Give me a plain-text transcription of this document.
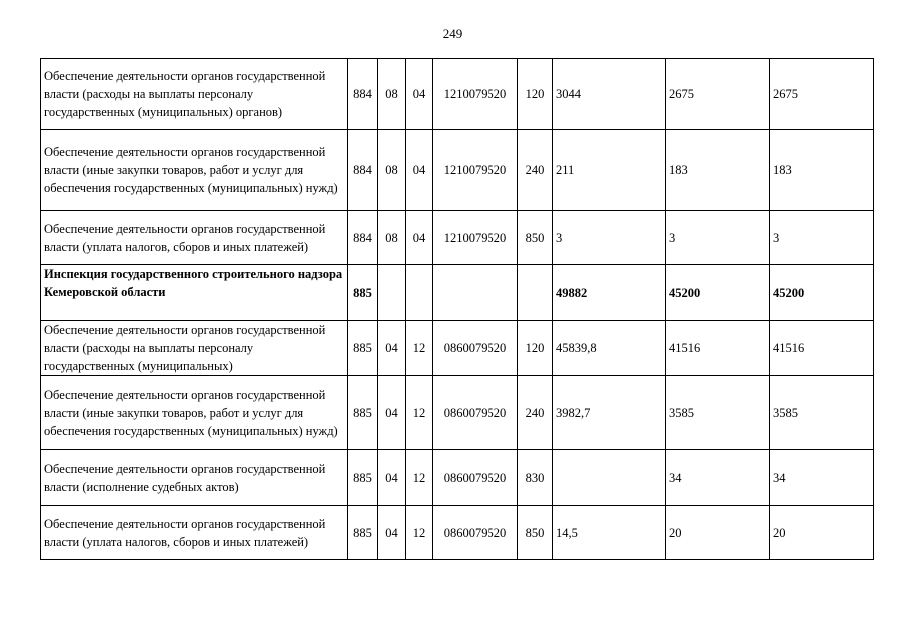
249
Обеспечение деятельности органов государственной власти (расходы на выплаты персоналу государственных (муниципальных) органов)	884	08	04	1210079520	120	3044	2675	2675
Обеспечение деятельности органов государственной власти (иные закупки товаров, работ и услуг для обеспечения государственных (муниципальных) нужд)	884	08	04	1210079520	240	211	183	183
Обеспечение деятельности органов государственной власти (уплата налогов, сборов и иных платежей)	884	08	04	1210079520	850	3	3	3
Инспекция государственного строительного надзора Кемеровской области	885					49882	45200	45200
Обеспечение деятельности органов государственной власти (расходы на выплаты персоналу государственных (муниципальных)	885	04	12	0860079520	120	45839,8	41516	41516
Обеспечение деятельности органов государственной власти (иные закупки товаров, работ и услуг для обеспечения государственных (муниципальных) нужд)	885	04	12	0860079520	240	3982,7	3585	3585
Обеспечение деятельности органов государственной власти (исполнение судебных актов)	885	04	12	0860079520	830		34	34
Обеспечение деятельности органов государственной власти (уплата налогов, сборов и иных платежей)	885	04	12	0860079520	850	14,5	20	20
